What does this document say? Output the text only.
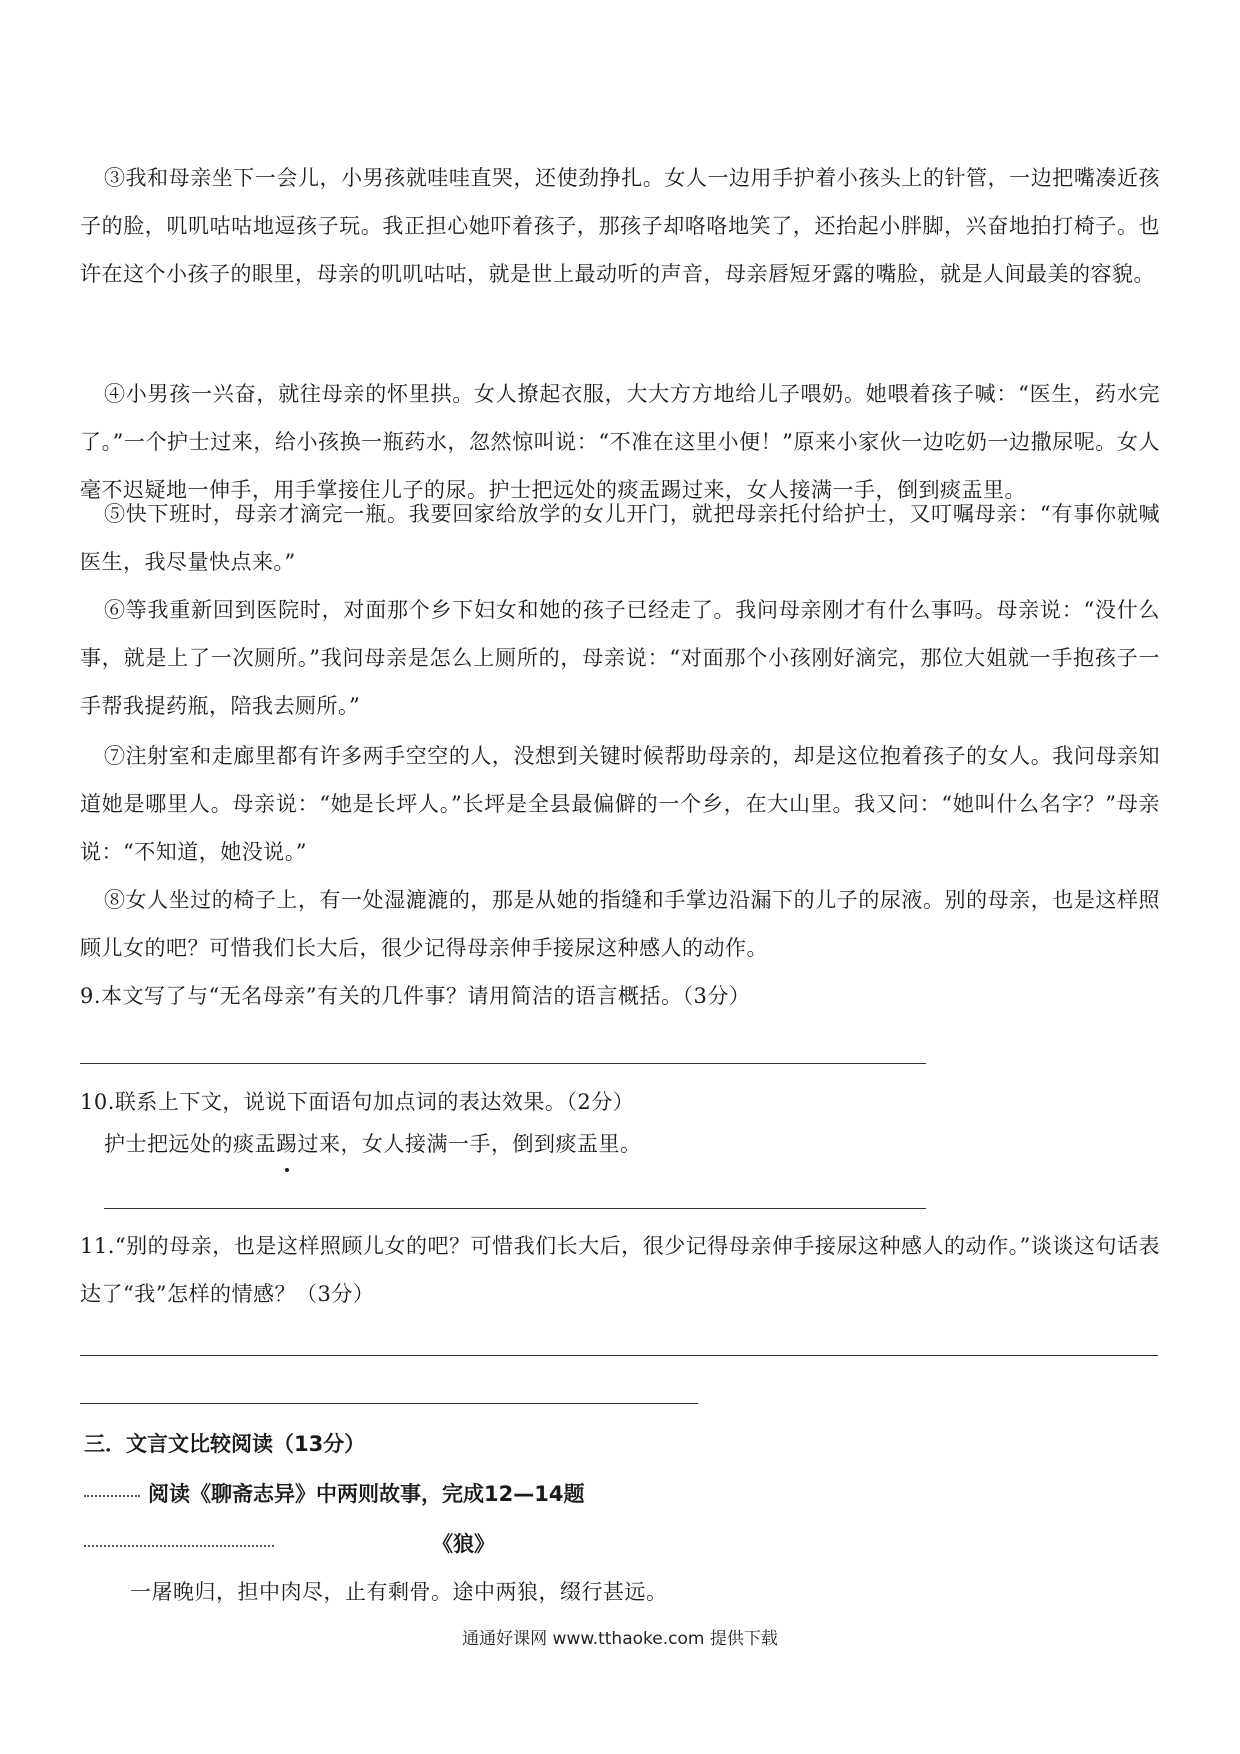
③我和母亲坐下一会儿，小男孩就哇哇直哭，还使劲挣扎。女人一边用手护着小孩头上的针管，一边把嘴凑近孩子的脸，叽叽咕咕地逗孩子玩。我正担心她吓着孩子，那孩子却咯咯地笑了，还抬起小胖脚，兴奋地拍打椅子。也许在这个小孩子的眼里，母亲的叽叽咕咕，就是世上最动听的声音，母亲唇短牙露的嘴脸，就是人间最美的容貌。
④小男孩一兴奋，就往母亲的怀里拱。女人撩起衣服，大大方方地给儿子喂奶。她喂着孩子喊：“医生，药水完了。”一个护士过来，给小孩换一瓶药水，忽然惊叫说：“不准在这里小便！”原来小家伙一边吃奶一边撒尿呢。女人毫不迟疑地一伸手，用手掌接住儿子的尿。护士把远处的痰盂踢过来，女人接满一手，倒到痰盂里。
⑤快下班时，母亲才滴完一瓶。我要回家给放学的女儿开门，就把母亲托付给护士，又叮嘱母亲：“有事你就喊医生，我尽量快点来。”
⑥等我重新回到医院时，对面那个乡下妇女和她的孩子已经走了。我问母亲刚才有什么事吗。母亲说：“没什么事，就是上了一次厕所。”我问母亲是怎么上厕所的，母亲说：“对面那个小孩刚好滴完，那位大姐就一手抱孩子一手帮我提药瓶，陪我去厕所。”
⑦注射室和走廊里都有许多两手空空的人，没想到关键时候帮助母亲的，却是这位抱着孩子的女人。我问母亲知道她是哪里人。母亲说：“她是长坪人。”长坪是全县最偏僻的一个乡，在大山里。我又问：“她叫什么名字？”母亲说：“不知道，她没说。”
⑧女人坐过的椅子上，有一处湿漉漉的，那是从她的指缝和手掌边沿漏下的儿子的尿液。别的母亲，也是这样照顾儿女的吧？可惜我们长大后，很少记得母亲伸手接尿这种感人的动作。
9.本文写了与“无名母亲”有关的几件事？请用简洁的语言概括。（3分）
10.联系上下文，说说下面语句加点词的表达效果。（2分）
护士把远处的痰盂踢过来，女人接满一手，倒到痰盂里。
11.“别的母亲，也是这样照顾儿女的吧？可惜我们长大后，很少记得母亲伸手接尿这种感人的动作。”谈谈这句话表达了“我”怎样的情感？（3分）
三．文言文比较阅读（13分）
阅读《聊斋志异》中两则故事，完成12—14题
《狼》
一屠晚归，担中肉尽，止有剩骨。途中两狼，缀行甚远。
通通好课网 www.tthaoke.com 提供下载
